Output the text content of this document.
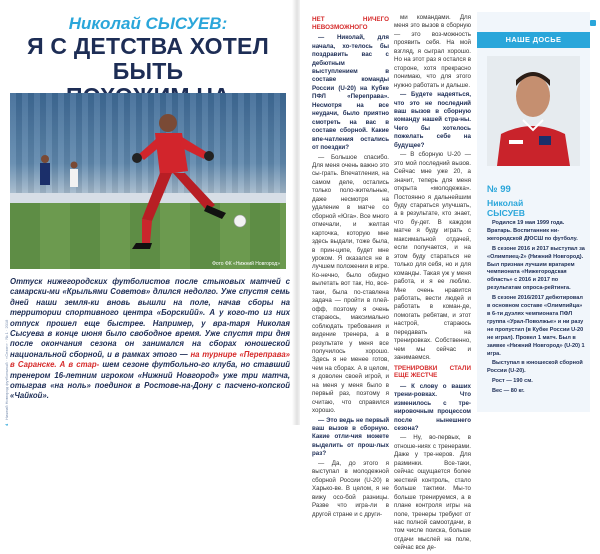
Николай СЫСУЕВ:
Я С ДЕТСТВА ХОТЕЛ БЫТЬ
Фото ФК «Нижний Новгород»
Оттуск нижегородских футболистов после стыковых матчей с самарски-ми «Крыльями Советов» длился недолго. Уже спустя семь дней наши земля-ки вновь вышли на поле, начав сборы на территории спортивного центра «Борскийй». А у кого-то из них отпуск прошел еще быстрее. Например, у вра-таря Николая Сысуева в конце июня было свободное время. Уже спустя три дня после окончания сезона он занимался на сборах юношеской национальной сборной, и в рамках этого — на турнире «Переправа» в Саранске. А в стар- шем сезоне футбольно-го клуба, но ставший тренером 16-летним игроком «Нижний Новгород» уже три матча, отыграв «на ноль» поединок в Ростове-на-Дону с пасчено-копской «Чайкой».
Нижний Новгород футбольный · «Сезон» · № 1 · 2018
4
НЕТ НИЧЕГО НЕВОЗМОЖНОГО

— Николай, для начала, хо-телось бы поздравить вас с дебютным выступлением в составе команды России (U-20) на Кубке ПФЛ «Переправа». Несмотря на все неудачи, было приятно смотреть на вас в составе сборной. Какие впе-чатления остались от поездки?

— Большое спасибо. Для меня очень важно это сы-грать. Впечатления, на самом деле, остались только поло-жительные, даже несмотря на удаление в матче со сборной «Юга». Все много отмечали, и желтая карточка, которую мне здесь выдали, тоже была, в прин-ципе, будет мне уроком. Я оказался не в лучшем положении в игре. Ко-нечно, было обидно вылетать вот так, Но, все-таки, была по-ставлена задача — пройти в плей-офф, поэтому я очень стараюсь, максимально соблюдать требования и видение тренера, а в результате у меня все получилось хорошо. Здесь я не менее готов, чем на сборах. А в целом, я доволен своей игрой, и на меня у меня было в первый раз, поэтому я считаю, что справился хорошо.

— Это ведь не первый ваш вызов в сборную. Какие отли-чия можете выделить от прош-лых раз?

— Да, до этого я выступал в молодежной сборной России (U-20) в Харько-ве. В целом, я не вижу осо-бой разницы. Разве что игра-ли в другой стране и с други-

ми командами. Для меня это вызов в сборную — это воз-можность проявить себя. На мой взгляд, я сыграл хорошо. Но на этот раз я остался в стороне, хотя прекрасно понимаю, что для этого нужно работать и дальше.

— Будете надеяться, что это не последний ваш вызов в сборную команду нашей стра-ны. Чего бы хотелось пожелать себе на будущее?

— В сборную U-20 — это мой последний вызов. Сейчас мне уже 20, а значит, теперь для меня открыта «молодежка». Постоянно я дальнейшим буду стараться улучшать, а в результате, кто знает, что бу-дет. В каждом матче я буду играть с максимальной отдачей, если получается, и на этом буду стараться не только для себя, но и для команды. Такая уж у меня работа, и я ее люблю. Мне очень нравится работать, вести людей и работать в коман-де, помогать ребятам, и этот настрой, стараюсь передавать на тренировках. Собственно, чем мы сейчас и занимаемся.

ТРЕНИРОВКИ СТАЛИ ЕЩЕ ЖЕСТЧЕ

— К слову о ваших трени-ровках. Что изменилось с тре-нировочным процессом после нынешнего сезона?

— Ну, во-первых, в отноше-ниях с тренерами. Даже у тре-неров. Для разминки. Все-таки, сейчас ощущается более жесткий контроль, стало больше тактики. Мы-то больше тренируемся, а в плане контроля игры на поле, тренеры требуют от нас полной самоотдачи, в том числе поиска, больше отдачи мыслей на поле, сейчас все де-

НАШЕ ДОСЬЕ
№ 99
Николай
СЫСУЕВ

Родился 19 мая 1999 года. Вратарь. Воспитанник ни-жегородской ДЮСШ по футболу.

В сезоне 2016 и 2017 выступал за «Олимпиец-2» (Нижний Новгород). Был признан лучшим вратарем чемпионата «Нижегородская область» с 2016 и 2017 по результатам опроса-рейтинга.

В сезоне 2016/2017 дебютировал в основном составе «Олимпийца» в 6-ти дуэлях чемпионата ПФЛ группа «Урал-Поволжье» и ни разу не пропустил (в Кубке России U-20 не играл). Провел 1 матч. Был в заявке «Нижний Новгород» (U-20) 1 игра.

Выступал в юношеской сборной России (U-20).

Рост — 190 см.

Вес — 80 кг.
